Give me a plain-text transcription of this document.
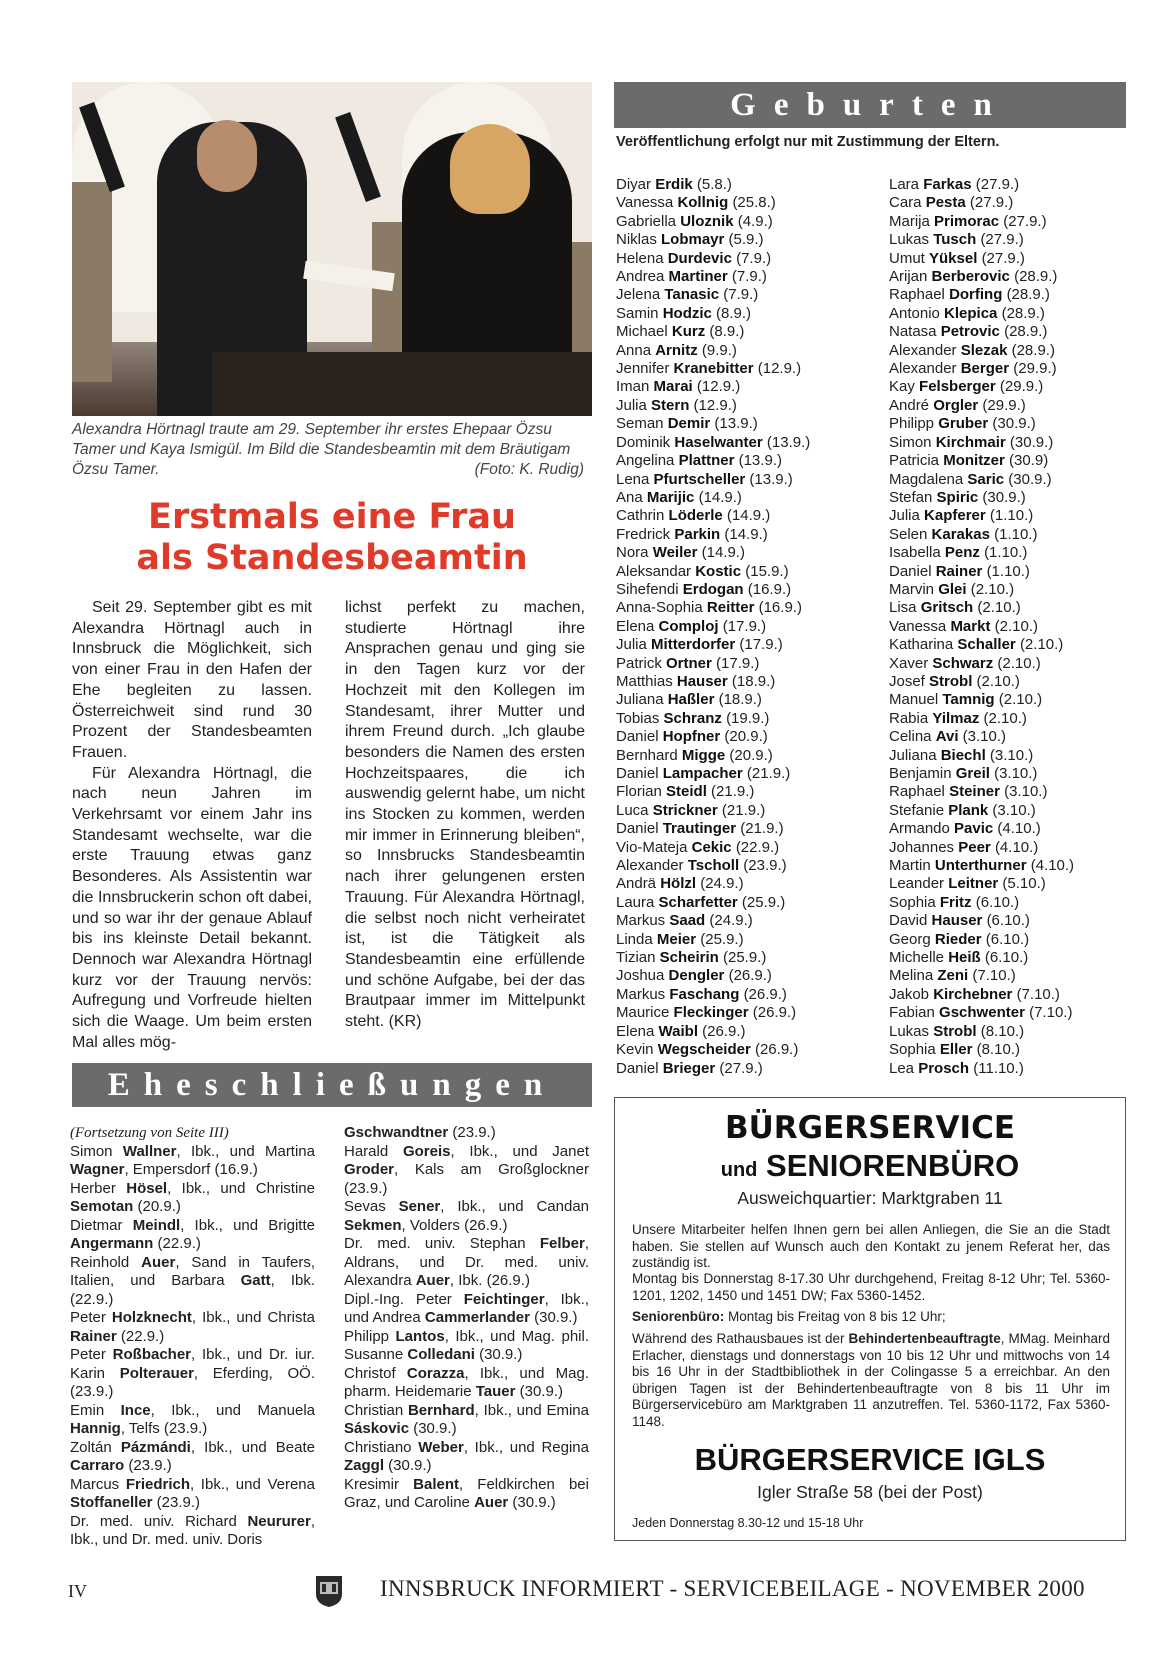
Alexandra Hörtnagl traute am 29. September ihr erstes Ehepaar Özsu Tamer und Kaya Ismigül. Im Bild die Standesbeamtin mit dem Bräutigam Özsu Tamer.	(Foto: K. Rudig)
Erstmals eine Frau
als Standesbeamtin

Seit 29. September gibt es mit Alexandra Hörtnagl auch in Innsbruck die Möglichkeit, sich von einer Frau in den Hafen der Ehe begleiten zu lassen. Österreichweit sind rund 30 Prozent der Standesbeamten Frauen.

Für Alexandra Hörtnagl, die nach neun Jahren im Verkehrsamt vor einem Jahr ins Standesamt wechselte, war die erste Trauung etwas ganz Besonderes. Als Assistentin war die Innsbruckerin schon oft dabei, und so war ihr der genaue Ablauf bis ins kleinste Detail bekannt. Dennoch war Alexandra Hörtnagl kurz vor der Trauung nervös: Aufregung und Vorfreude hielten sich die Waage. Um beim ersten Mal alles mög-

lichst perfekt zu machen, studierte Hörtnagl ihre Ansprachen genau und ging sie in den Tagen kurz vor der Hochzeit mit den Kollegen im Standesamt, ihrer Mutter und ihrem Freund durch. „Ich glaube besonders die Namen des ersten Hochzeitspaares, die ich auswendig gelernt habe, um nicht ins Stocken zu kommen, werden mir immer in Erinnerung bleiben“, so Innsbrucks Standesbeamtin nach ihrer gelungenen ersten Trauung. Für Alexandra Hörtnagl, die selbst noch nicht verheiratet ist, ist die Tätigkeit als Standesbeamtin eine erfüllende und schöne Aufgabe, bei der das Brautpaar immer im Mittelpunkt steht. (KR)

Geburten
Veröffentlichung erfolgt nur mit Zustimmung der Eltern.
Diyar Erdik (5.8.)
Vanessa Kollnig (25.8.)
Gabriella Uloznik (4.9.)
Niklas Lobmayr (5.9.)
Helena Durdevic (7.9.)
Andrea Martiner (7.9.)
Jelena Tanasic (7.9.)
Samin Hodzic (8.9.)
Michael Kurz (8.9.)
Anna Arnitz (9.9.)
Jennifer Kranebitter (12.9.)
Iman Marai (12.9.)
Julia Stern (12.9.)
Seman Demir (13.9.)
Dominik Haselwanter (13.9.)
Angelina Plattner (13.9.)
Lena Pfurtscheller (13.9.)
Ana Marijic (14.9.)
Cathrin Löderle (14.9.)
Fredrick Parkin (14.9.)
Nora Weiler (14.9.)
Aleksandar Kostic (15.9.)
Sihefendi Erdogan (16.9.)
Anna-Sophia Reitter (16.9.)
Elena Comploj (17.9.)
Julia Mitterdorfer (17.9.)
Patrick Ortner (17.9.)
Matthias Hauser (18.9.)
Juliana Haßler (18.9.)
Tobias Schranz (19.9.)
Daniel Hopfner (20.9.)
Bernhard Migge (20.9.)
Daniel Lampacher (21.9.)
Florian Steidl (21.9.)
Luca Strickner (21.9.)
Daniel Trautinger (21.9.)
Vio-Mateja Cekic (22.9.)
Alexander Tscholl (23.9.)
Andrä Hölzl (24.9.)
Laura Scharfetter (25.9.)
Markus Saad (24.9.)
Linda Meier (25.9.)
Tizian Scheirin (25.9.)
Joshua Dengler (26.9.)
Markus Faschang (26.9.)
Maurice Fleckinger (26.9.)
Elena Waibl (26.9.)
Kevin Wegscheider (26.9.)
Daniel Brieger (27.9.)
Lara Farkas (27.9.)
Cara Pesta (27.9.)
Marija Primorac (27.9.)
Lukas Tusch (27.9.)
Umut Yüksel (27.9.)
Arijan Berberovic (28.9.)
Raphael Dorfing (28.9.)
Antonio Klepica (28.9.)
Natasa Petrovic (28.9.)
Alexander Slezak (28.9.)
Alexander Berger (29.9.)
Kay Felsberger (29.9.)
André Orgler (29.9.)
Philipp Gruber (30.9.)
Simon Kirchmair (30.9.)
Patricia Monitzer (30.9)
Magdalena Saric (30.9.)
Stefan Spiric (30.9.)
Julia Kapferer (1.10.)
Selen Karakas (1.10.)
Isabella Penz (1.10.)
Daniel Rainer (1.10.)
Marvin Glei (2.10.)
Lisa Gritsch (2.10.)
Vanessa Markt (2.10.)
Katharina Schaller (2.10.)
Xaver Schwarz (2.10.)
Josef Strobl (2.10.)
Manuel Tamnig (2.10.)
Rabia Yilmaz (2.10.)
Celina Avi (3.10.)
Juliana Biechl (3.10.)
Benjamin Greil (3.10.)
Raphael Steiner (3.10.)
Stefanie Plank (3.10.)
Armando Pavic (4.10.)
Johannes Peer (4.10.)
Martin Unterthurner (4.10.)
Leander Leitner (5.10.)
Sophia Fritz (6.10.)
David Hauser (6.10.)
Georg Rieder (6.10.)
Michelle Heiß (6.10.)
Melina Zeni (7.10.)
Jakob Kirchebner (7.10.)
Fabian Gschwenter (7.10.)
Lukas Strobl (8.10.)
Sophia Eller (8.10.)
Lea Prosch (11.10.)
Eheschließungen
(Fortsetzung von Seite III)
Simon Wallner, Ibk., und Martina Wagner, Empersdorf (16.9.)
Herber Hösel, Ibk., und Christine Semotan (20.9.)
Dietmar Meindl, Ibk., und Brigitte Angermann (22.9.)
Reinhold Auer, Sand in Taufers, Italien, und Barbara Gatt, Ibk. (22.9.)
Peter Holzknecht, Ibk., und Christa Rainer (22.9.)
Peter Roßbacher, Ibk., und Dr. iur. Karin Polterauer, Eferding, OÖ. (23.9.)
Emin Ince, Ibk., und Manuela Hannig, Telfs (23.9.)
Zoltán Pázmándi, Ibk., und Beate Carraro (23.9.)
Marcus Friedrich, Ibk., und Verena Stoffaneller (23.9.)
Dr. med. univ. Richard Neururer, Ibk., und Dr. med. univ. Doris
Gschwandtner (23.9.)
Harald Goreis, Ibk., und Janet Groder, Kals am Großglockner (23.9.)
Sevas Sener, Ibk., und Candan Sekmen, Volders (26.9.)
Dr. med. univ. Stephan Felber, Aldrans, und Dr. med. univ. Alexandra Auer, Ibk. (26.9.)
Dipl.-Ing. Peter Feichtinger, Ibk., und Andrea Cammerlander (30.9.)
Philipp Lantos, Ibk., und Mag. phil. Susanne Colledani (30.9.)
Christof Corazza, Ibk., und Mag. pharm. Heidemarie Tauer (30.9.)
Christian Bernhard, Ibk., und Emina Sáskovic (30.9.)
Christiano Weber, Ibk., und Regina Zaggl (30.9.)
Kresimir Balent, Feldkirchen bei Graz, und Caroline Auer (30.9.)
BÜRGERSERVICE
und SENIORENBÜRO
Ausweichquartier: Marktgraben 11
Unsere Mitarbeiter helfen Ihnen gern bei allen Anliegen, die Sie an die Stadt haben. Sie stellen auf Wunsch auch den Kontakt zu jenem Referat her, das zuständig ist.
Montag bis Donnerstag 8-17.30 Uhr durchgehend, Freitag 8-12 Uhr; Tel. 5360-1201, 1202, 1450 und 1451 DW; Fax 5360-1452.
Seniorenbüro: Montag bis Freitag von 8 bis 12 Uhr;
Während des Rathausbaues ist der Behindertenbeauftragte, MMag. Meinhard Erlacher, dienstags und donnerstags von 10 bis 12 Uhr und mittwochs von 14 bis 16 Uhr in der Stadtbibliothek in der Colingasse 5 a erreichbar. An den übrigen Tagen ist der Behindertenbeauftragte von 8 bis 11 Uhr im Bürgerservicebüro am Marktgraben 11 anzutreffen. Tel. 5360-1172, Fax 5360- 1148.
BÜRGERSERVICE IGLS
Igler Straße 58 (bei der Post)
Jeden Donnerstag 8.30-12 und 15-18 Uhr
IV	INNSBRUCK INFORMIERT - SERVICEBEILAGE - NOVEMBER 2000
